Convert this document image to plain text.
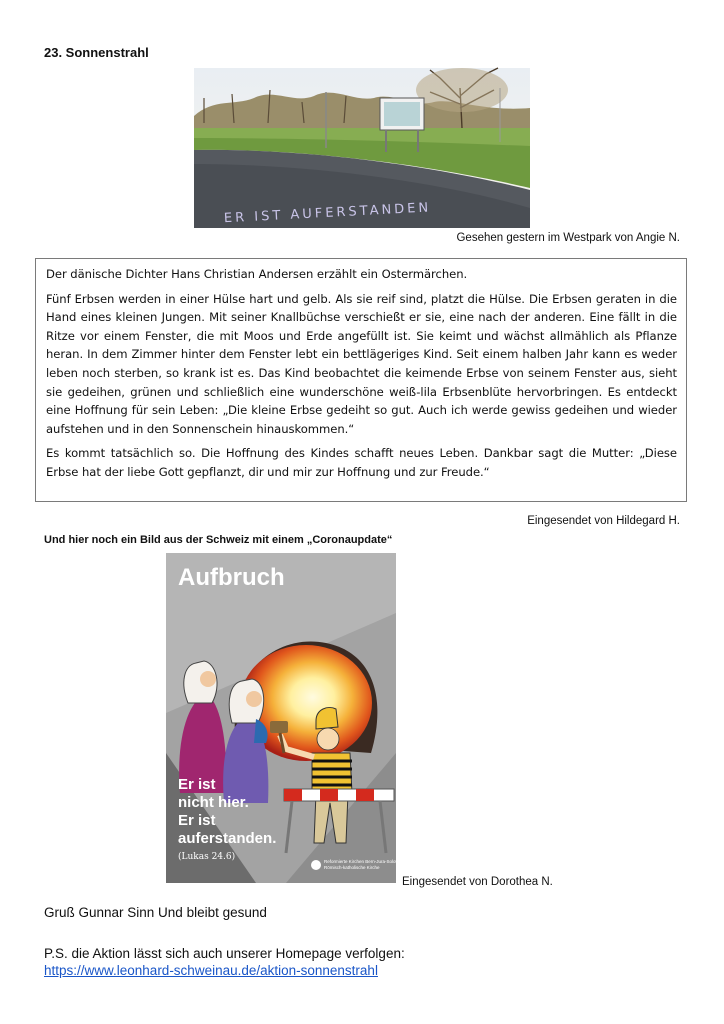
23. Sonnenstrahl
ER IST AUFERSTANDEN
Gesehen gestern im Westpark von Angie N.

Der dänische Dichter Hans Christian Andersen erzählt ein Ostermärchen.

Fünf Erbsen werden in einer Hülse hart und gelb. Als sie reif sind, platzt die Hülse. Die Erbsen geraten in die Hand eines kleinen Jungen. Mit seiner Knallbüchse verschießt er sie, eine nach der anderen. Eine fällt in die Ritze vor einem Fenster, die mit Moos und Erde angefüllt ist. Sie keimt und wächst allmählich als Pflanze heran. In dem Zimmer hinter dem Fenster lebt ein bettlägeriges Kind. Seit einem halben Jahr kann es weder leben noch sterben, so krank ist es. Das Kind beobachtet die keimende Erbse von seinem Fenster aus, sieht sie gedeihen, grünen und schließlich eine wunderschöne weiß-lila Erbsenblüte hervorbringen. Es entdeckt eine Hoffnung für sein Leben: „Die kleine Erbse gedeiht so gut. Auch ich werde gewiss gedeihen und wieder aufstehen und in den Sonnenschein hinauskommen.“

Es kommt tatsächlich so. Die Hoffnung des Kindes schafft neues Leben. Dankbar sagt die Mutter: „Diese Erbse hat der liebe Gott gepflanzt, dir und mir zur Hoffnung und zur Freude.“

Eingesendet von Hildegard H.
Und hier noch ein Bild aus der Schweiz mit einem „Coronaupdate“
Aufbruch
Er ist nicht hier. Er ist auferstanden.
(Lukas 24.6)	Reformierte Kirchen Bern-Jura-Solothurn Römisch-katholische Kirche
Eingesendet von Dorothea N.
Gruß Gunnar Sinn Und bleibt gesund
P.S. die Aktion lässt sich auch unserer Homepage verfolgen:
https://www.leonhard-schweinau.de/aktion-sonnenstrahl
